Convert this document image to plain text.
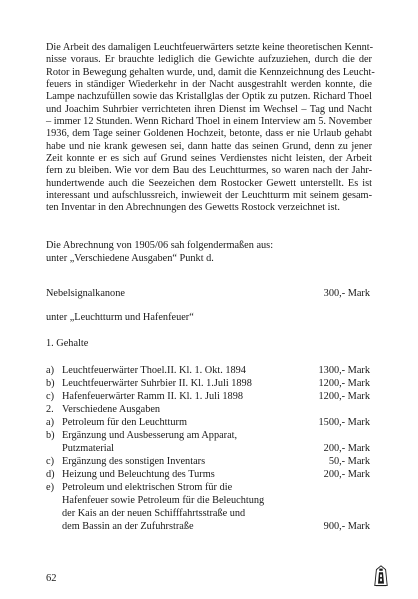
Die Arbeit des damaligen Leuchtfeuerwärters setzte keine theoretischen Kennt-
nisse voraus. Er brauchte lediglich die Gewichte aufzuziehen, durch die der
Rotor in Bewegung gehalten wurde, und, damit die Kennzeichnung des Leucht-
feuers in ständiger Wiederkehr in der Nacht ausgestrahlt werden konnte, die
Lampe nachzufüllen sowie das Kristallglas der Optik zu putzen. Richard Thoel
und Joachim Suhrbier verrichteten ihren Dienst im Wechsel – Tag und Nacht
– immer 12 Stunden. Wenn Richard Thoel in einem Interview am 5. November
1936, dem Tage seiner Goldenen Hochzeit, betonte, dass er nie Urlaub gehabt
habe und nie krank gewesen sei, dann hatte das seinen Grund, denn zu jener
Zeit konnte er es sich auf Grund seines Verdienstes nicht leisten, der Arbeit
fern zu bleiben. Wie vor dem Bau des Leuchtturmes, so waren nach der Jahr-
hundertwende auch die Seezeichen dem Rostocker Gewett unterstellt. Es ist
interessant und aufschlussreich, inwieweit der Leuchtturm mit seinem gesam-
ten Inventar in den Abrechnungen des Gewetts Rostock verzeichnet ist.
Die Abrechnung von 1905/06 sah folgendermaßen aus:
unter „Verschiedene Ausgaben“ Punkt d.
Nebelsignalkanone	300,- Mark
unter „Leuchtturm und Hafenfeuer“
1. Gehalte
a) Leuchtfeuerwärter Thoel.II. Kl. 1. Okt. 1894	1300,- Mark
b) Leuchtfeuerwärter Suhrbier II. Kl. 1.Juli 1898	1200,- Mark
c) Hafenfeuerwärter Ramm II. Kl. 1. Juli 1898	1200,- Mark
2. Verschiedene Ausgaben
a) Petroleum für den Leuchtturm	1500,- Mark
b) Ergänzung und Ausbesserung am Apparat,
Putzmaterial	200,- Mark
c) Ergänzung des sonstigen Inventars	50,- Mark
d) Heizung und Beleuchtung des Turms	200,- Mark
e) Petroleum und elektrischen Strom für die
Hafenfeuer sowie Petroleum für die Beleuchtung
der Kais an der neuen Schifffahrtsstraße und
dem Bassin an der Zufuhrstraße	900,- Mark
62
